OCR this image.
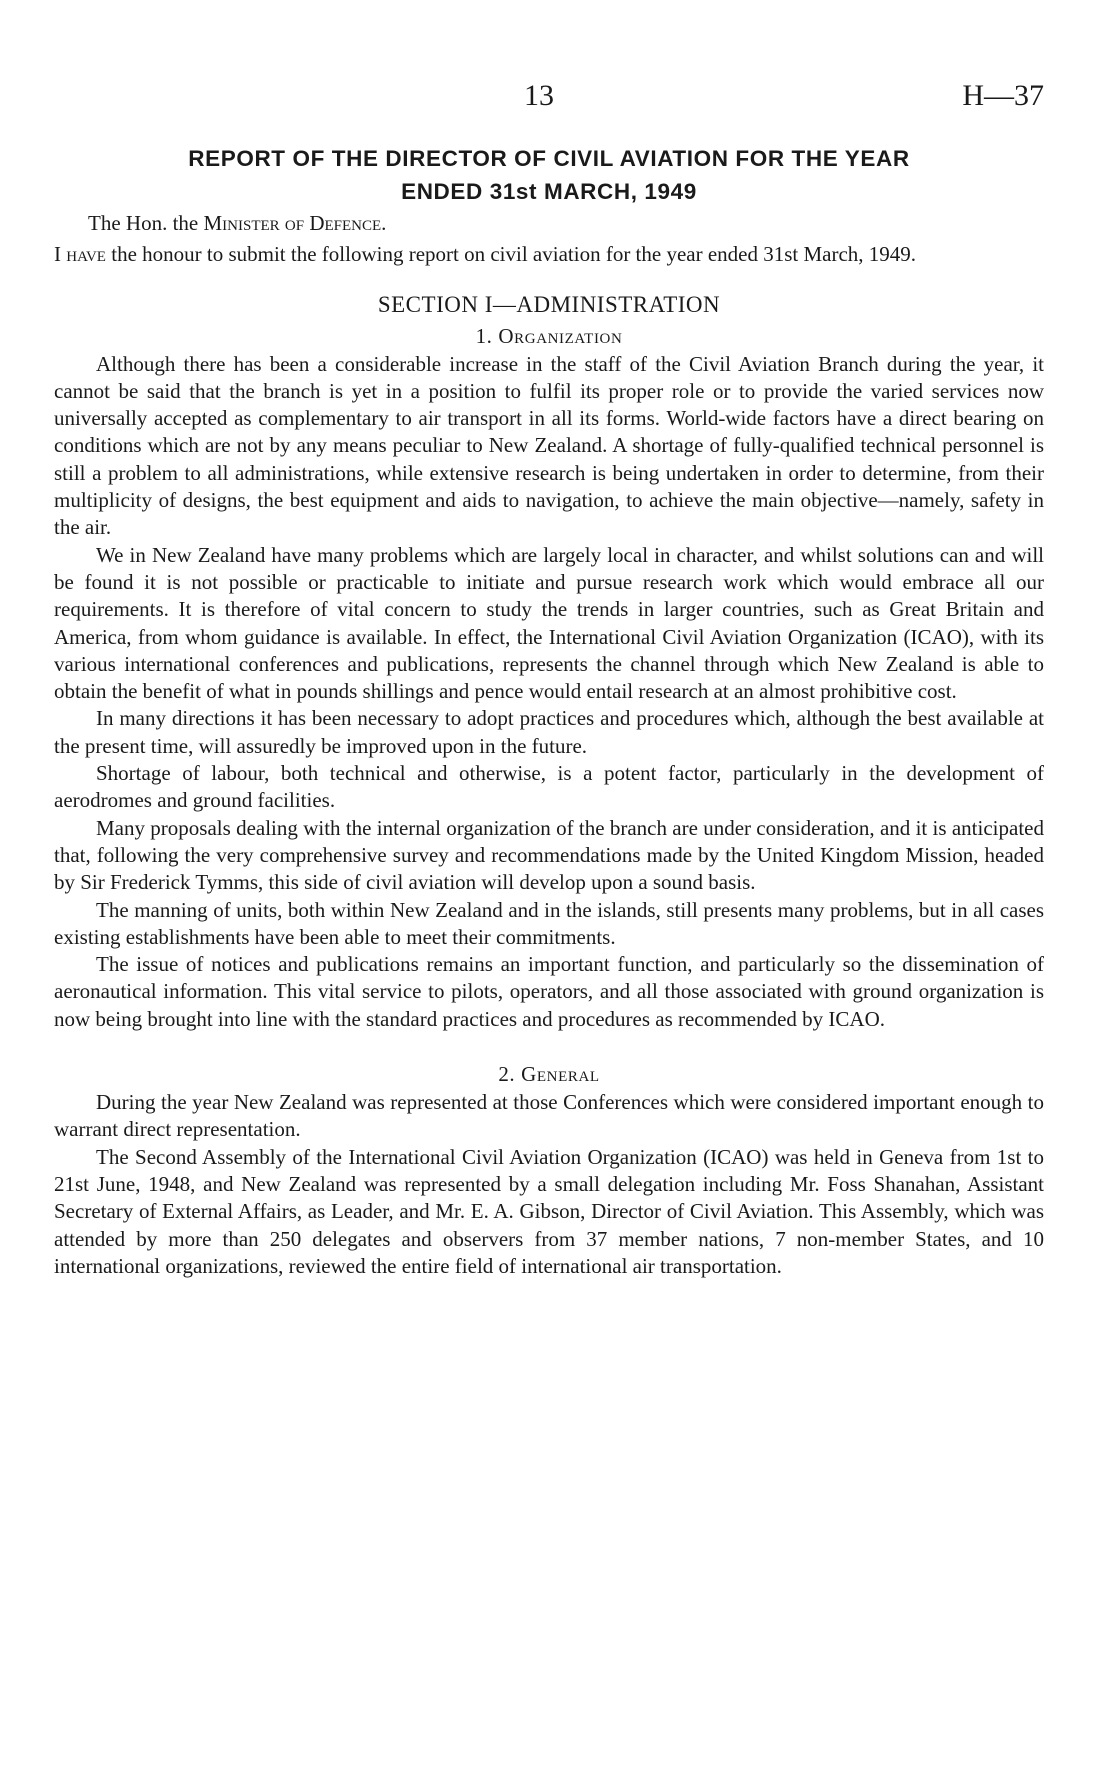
13	H—37
REPORT OF THE DIRECTOR OF CIVIL AVIATION FOR THE YEAR
ENDED 31st MARCH, 1949
The Hon. the Minister of Defence.

I have the honour to submit the following report on civil aviation for the year ended 31st March, 1949.

SECTION I—ADMINISTRATION
1. Organization

Although there has been a considerable increase in the staff of the Civil Aviation Branch during the year, it cannot be said that the branch is yet in a position to fulfil its proper role or to provide the varied services now universally accepted as complementary to air transport in all its forms. World-wide factors have a direct bearing on conditions which are not by any means peculiar to New Zealand. A shortage of fully-qualified technical personnel is still a problem to all administrations, while extensive research is being undertaken in order to determine, from their multiplicity of designs, the best equipment and aids to navigation, to achieve the main objective—namely, safety in the air.

We in New Zealand have many problems which are largely local in character, and whilst solutions can and will be found it is not possible or practicable to initiate and pursue research work which would embrace all our requirements. It is therefore of vital concern to study the trends in larger countries, such as Great Britain and America, from whom guidance is available. In effect, the International Civil Aviation Organization (ICAO), with its various international conferences and publications, represents the channel through which New Zealand is able to obtain the benefit of what in pounds shillings and pence would entail research at an almost prohibitive cost.

In many directions it has been necessary to adopt practices and procedures which, although the best available at the present time, will assuredly be improved upon in the future.

Shortage of labour, both technical and otherwise, is a potent factor, particularly in the development of aerodromes and ground facilities.

Many proposals dealing with the internal organization of the branch are under consideration, and it is anticipated that, following the very comprehensive survey and recommendations made by the United Kingdom Mission, headed by Sir Frederick Tymms, this side of civil aviation will develop upon a sound basis.

The manning of units, both within New Zealand and in the islands, still presents many problems, but in all cases existing establishments have been able to meet their commitments.

The issue of notices and publications remains an important function, and particularly so the dissemination of aeronautical information. This vital service to pilots, operators, and all those associated with ground organization is now being brought into line with the standard practices and procedures as recommended by ICAO.

2. General

During the year New Zealand was represented at those Conferences which were considered important enough to warrant direct representation.

The Second Assembly of the International Civil Aviation Organization (ICAO) was held in Geneva from 1st to 21st June, 1948, and New Zealand was represented by a small delegation including Mr. Foss Shanahan, Assistant Secretary of External Affairs, as Leader, and Mr. E. A. Gibson, Director of Civil Aviation. This Assembly, which was attended by more than 250 delegates and observers from 37 member nations, 7 non-member States, and 10 international organizations, reviewed the entire field of international air transportation.
